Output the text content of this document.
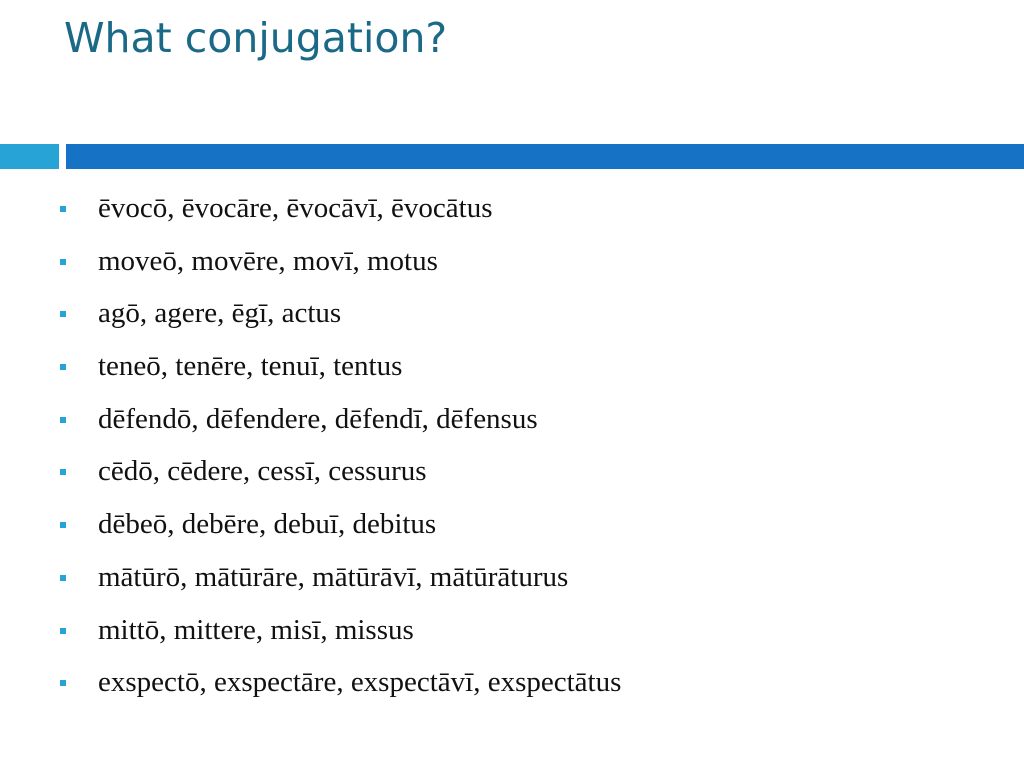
What conjugation?
ēvocō, ēvocāre, ēvocāvī, ēvocātus
moveō, movēre, movī, motus
agō, agere, ēgī, actus
teneō, tenēre, tenuī, tentus
dēfendō, dēfendere, dēfendī, dēfensus
cēdō, cēdere, cessī, cessurus
dēbeō, debēre, debuī, debitus
mātūrō, mātūrāre, mātūrāvī, mātūrāturus
mittō, mittere, misī, missus
exspectō, exspectāre, exspectāvī, exspectātus
